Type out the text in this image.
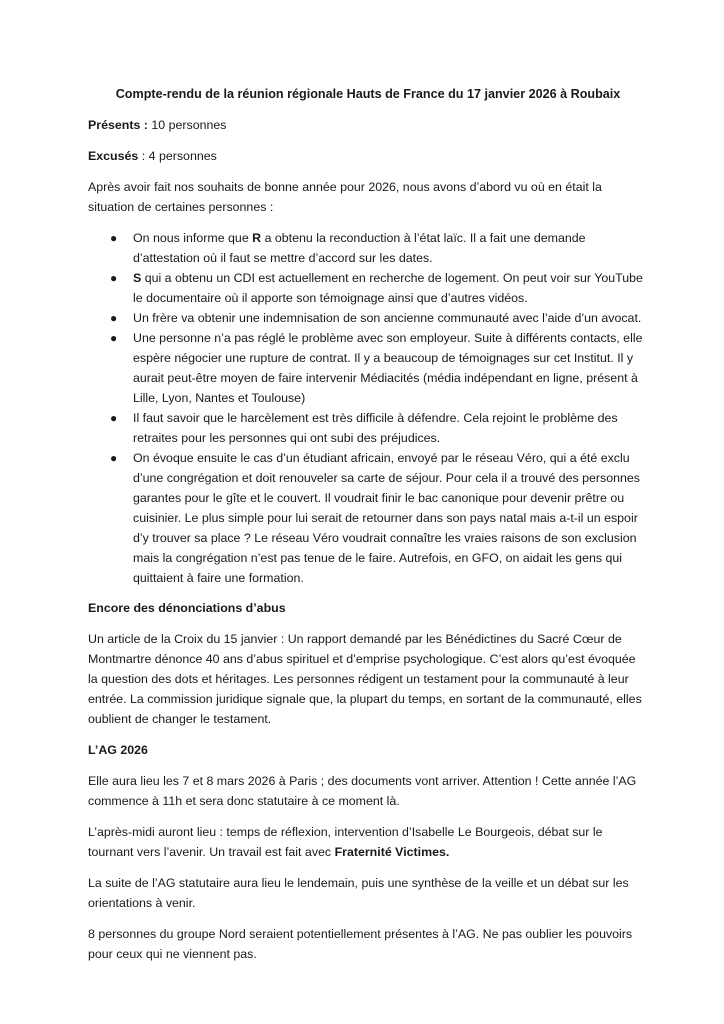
Compte-rendu de la réunion régionale Hauts de France du 17 janvier 2026 à Roubaix

Présents : 10 personnes

Excusés : 4 personnes

Après avoir fait nos souhaits de bonne année pour 2026, nous avons d’abord vu où en était la situation de certaines personnes :

● On nous informe que R a obtenu la reconduction à l’état laïc. Il a fait une demande d’attestation où il faut se mettre d’accord sur les dates.
● S qui a obtenu un CDI est actuellement en recherche de logement. On peut voir sur YouTube le documentaire où il apporte son témoignage ainsi que d’autres vidéos.
● Un frère va obtenir une indemnisation de son ancienne communauté avec l’aide d’un avocat.
● Une personne n’a pas réglé le problème avec son employeur. Suite à différents contacts, elle espère négocier une rupture de contrat. Il y a beaucoup de témoignages sur cet Institut. Il y aurait peut-être moyen de faire intervenir Médiacités (média indépendant en ligne, présent à Lille, Lyon, Nantes et Toulouse)
● Il faut savoir que le harcèlement est très difficile à défendre. Cela rejoint le problème des retraites pour les personnes qui ont subi des préjudices.
● On évoque ensuite le cas d’un étudiant africain, envoyé par le réseau Véro, qui a été exclu d’une congrégation et doit renouveler sa carte de séjour. Pour cela il a trouvé des personnes garantes pour le gîte et le couvert. Il voudrait finir le bac canonique pour devenir prêtre ou cuisinier. Le plus simple pour lui serait de retourner dans son pays natal mais a-t-il un espoir d’y trouver sa place ? Le réseau Véro voudrait connaître les vraies raisons de son exclusion mais la congrégation n’est pas tenue de le faire. Autrefois, en GFO, on aidait les gens qui quittaient à faire une formation.
Encore des dénonciations d’abus

Un article de la Croix du 15 janvier : Un rapport demandé par les Bénédictines du Sacré Cœur de Montmartre dénonce 40 ans d’abus spirituel et d’emprise psychologique. C’est alors qu’est évoquée la question des dots et héritages. Les personnes rédigent un testament pour la communauté à leur entrée. La commission juridique signale que, la plupart du temps, en sortant de la communauté, elles oublient de changer le testament.

L’AG 2026

Elle aura lieu les 7 et 8 mars 2026 à Paris ; des documents vont arriver. Attention ! Cette année l’AG commence à 11h et sera donc statutaire à ce moment là.

L’après-midi auront lieu : temps de réflexion, intervention d’Isabelle Le Bourgeois, débat sur le tournant vers l’avenir. Un travail est fait avec Fraternité Victimes.

La suite de l’AG statutaire aura lieu le lendemain, puis une synthèse de la veille et un débat sur les orientations à venir.

8 personnes du groupe Nord seraient potentiellement présentes à l’AG. Ne pas oublier les pouvoirs pour ceux qui ne viennent pas.
